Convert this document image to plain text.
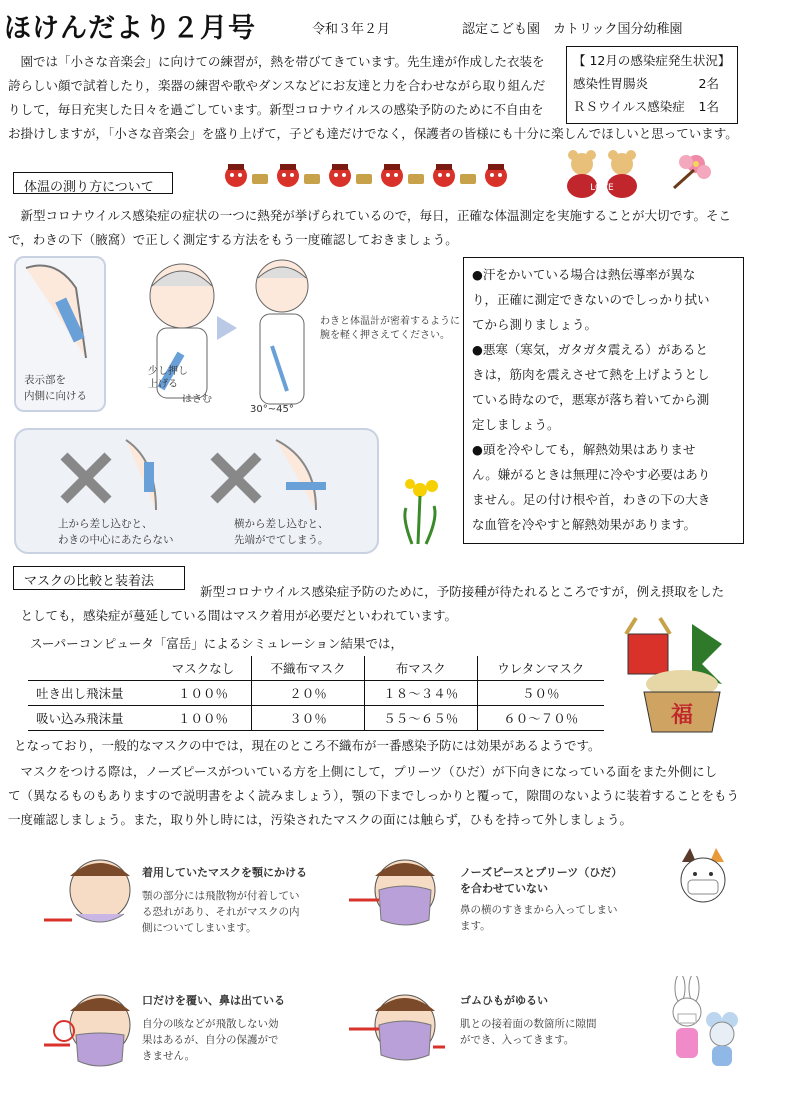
ほけんだより２月号	令和３年２月	認定こども園　カトリック国分幼稚園
　園では「小さな音楽会」に向けての練習が，熱を帯びてきています。先生達が作成した衣装を
誇らしい顔で試着したり，楽器の練習や歌やダンスなどにお友達と力を合わせながら取り組んだ
りして，毎日充実した日々を過ごしています。新型コロナウイルスの感染予防のために不自由を
お掛けしますが，「小さな音楽会」を盛り上げて，子ども達だけでなく，保護者の皆様にも十分に楽しんでほしいと思っています。
【 12月の感染症発生状況】
感染性胃腸炎	2名
ＲＳウイルス感染症 1名
体温の測り方について	LOVE
　新型コロナウイルス感染症の症状の一つに熱発が挙げられているので，毎日，正確な体温測定を実施することが大切です。そこ
で，わきの下（腋窩）で正しく測定する方法をもう一度確認しておきましょう。
表示部を
内側に向ける
少し押し
上げる
はさむ
30°~45°
わきと体温計が密着するように
腕を軽く押さえてください。
上から差し込むと、
わきの中心にあたらない
横から差し込むと、
先端がでてしまう。
●汗をかいている場合は熱伝導率が異な
り，正確に測定できないのでしっかり拭い
てから測りましょう。
●悪寒（寒気，ガタガタ震える）があると
きは，筋肉を震えさせて熱を上げようとし
ている時なので，悪寒が落ち着いてから測
定しましょう。
●頭を冷やしても，解熱効果はありませ
ん。嫌がるときは無理に冷やす必要はあり
ません。足の付け根や首，わきの下の大き
な血管を冷やすと解熱効果があります。
マスクの比較と装着法
新型コロナウイルス感染症予防のために，予防接種が待たれるところですが，例え摂取をした
　としても，感染症が蔓延している間はマスク着用が必要だといわれています。
スーパーコンピュータ「富岳」によるシミュレーション結果では，
	マスクなし	不織布マスク	布マスク	ウレタンマスク
吐き出し飛沫量	１００％	２０％	１８～３４％	５０％
吸い込み飛沫量	１００％	３０％	５５～６５％	６０～７０％	福
となっており，一般的なマスクの中では，現在のところ不織布が一番感染予防には効果があるようです。
　マスクをつける際は，ノーズピースがついている方を上側にして，プリーツ（ひだ）が下向きになっている面をまた外側にし
て（異なるものもありますので説明書をよく読みましょう），顎の下までしっかりと覆って，隙間のないように装着することをもう
一度確認しましょう。また，取り外し時には，汚染されたマスクの面には触らず，ひもを持って外しましょう。
着用していたマスクを顎にかける
顎の部分には飛散物が付着してい
る恐れがあり、それがマスクの内
側についてしまいます。
ノーズピースとプリーツ（ひだ）
を合わせていない
鼻の横のすきまから入ってしまい
ます。
口だけを覆い、鼻は出ている
自分の咳などが飛散しない効
果はあるが、自分の保護がで
きません。
ゴムひもがゆるい
肌との接着面の数箇所に隙間
ができ、入ってきます。
